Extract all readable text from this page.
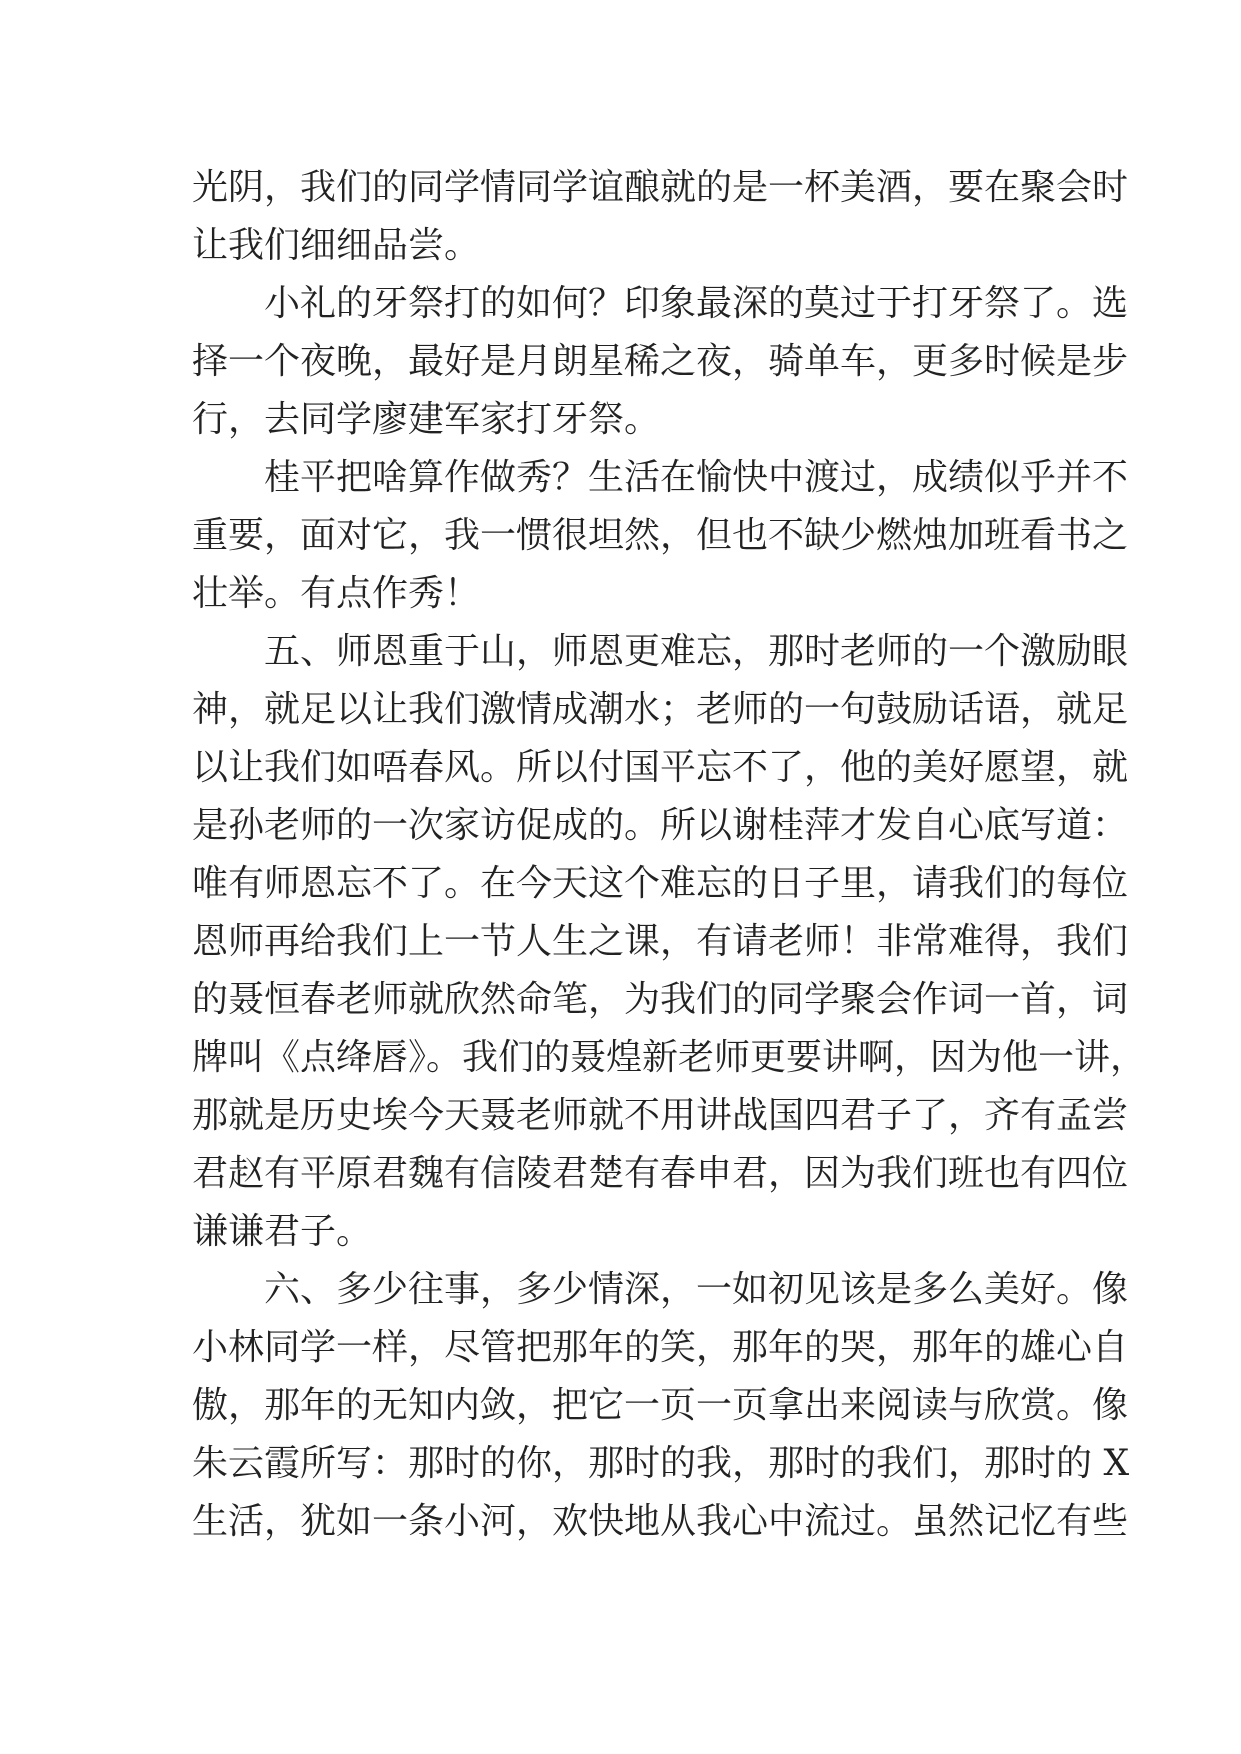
光阴，我们的同学情同学谊酿就的是一杯美酒，要在聚会时
让我们细细品尝。
小礼的牙祭打的如何？印象最深的莫过于打牙祭了。选
择一个夜晚，最好是月朗星稀之夜，骑单车，更多时候是步
行，去同学廖建军家打牙祭。
桂平把啥算作做秀？生活在愉快中渡过，成绩似乎并不
重要，面对它，我一惯很坦然，但也不缺少燃烛加班看书之
壮举。有点作秀！
五、师恩重于山，师恩更难忘，那时老师的一个激励眼
神，就足以让我们激情成潮水；老师的一句鼓励话语，就足
以让我们如唔春风。所以付国平忘不了，他的美好愿望，就
是孙老师的一次家访促成的。所以谢桂萍才发自心底写道：
唯有师恩忘不了。在今天这个难忘的日子里，请我们的每位
恩师再给我们上一节人生之课，有请老师！非常难得，我们
的聂恒春老师就欣然命笔，为我们的同学聚会作词一首，词
牌叫《点绛唇》。我们的聂煌新老师更要讲啊，因为他一讲，
那就是历史埃今天聂老师就不用讲战国四君子了，齐有孟尝
君赵有平原君魏有信陵君楚有春申君，因为我们班也有四位
谦谦君子。
六、多少往事，多少情深，一如初见该是多么美好。像
小林同学一样，尽管把那年的笑，那年的哭，那年的雄心自
傲，那年的无知内敛，把它一页一页拿出来阅读与欣赏。像
朱云霞所写：那时的你，那时的我，那时的我们，那时的 X
生活，犹如一条小河，欢快地从我心中流过。虽然记忆有些
